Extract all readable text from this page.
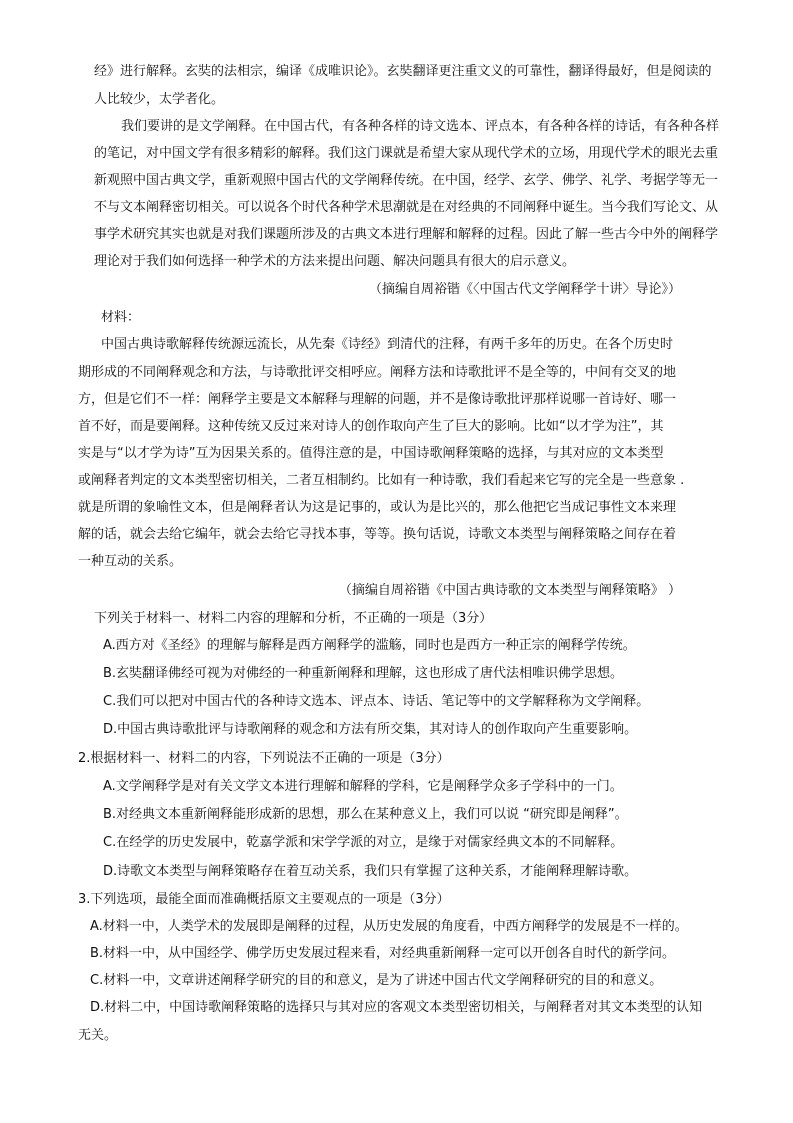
经》进行解释。玄奘的法相宗，编译《成唯识论》。玄奘翻译更注重文义的可靠性，翻译得最好，但是阅读的
人比较少，太学者化。
我们要讲的是文学阐释。在中国古代，有各种各样的诗文选本、评点本，有各种各样的诗话，有各种各样
的笔记，对中国文学有很多精彩的解释。我们这门课就是希望大家从现代学术的立场，用现代学术的眼光去重
新观照中国古典文学，重新观照中国古代的文学阐释传统。在中国，经学、玄学、佛学、礼学、考据学等无一
不与文本阐释密切相关。可以说各个时代各种学术思潮就是在对经典的不同阐释中诞生。当今我们写论文、从
事学术研究其实也就是对我们课题所涉及的古典文本进行理解和解释的过程。因此了解一些古今中外的阐释学
理论对于我们如何选择一种学术的方法来提出问题、解决问题具有很大的启示意义。
（摘编自周裕锴《〈中国古代文学阐释学十讲〉导论》）
材料：
中国古典诗歌解释传统源远流长，从先秦《诗经》到清代的注释，有两千多年的历史。在各个历史时
期形成的不同阐释观念和方法，与诗歌批评交相呼应。阐释方法和诗歌批评不是全等的，中间有交叉的地
方，但是它们不一样：阐释学主要是文本解释与理解的问题，并不是像诗歌批评那样说哪一首诗好、哪一
首不好，而是要阐释。这种传统又反过来对诗人的创作取向产生了巨大的影响。比如“以才学为注”，其
实是与“以才学为诗”互为因果关系的。值得注意的是，中国诗歌阐释策略的选择，与其对应的文本类型
或阐释者判定的文本类型密切相关，二者互相制约。比如有一种诗歌，我们看起来它写的完全是一些意象 .
就是所谓的象喻性文本，但是阐释者认为这是记事的，或认为是比兴的，那么他把它当成记事性文本来理
解的话，就会去给它编年，就会去给它寻找本事，等等。换句话说，诗歌文本类型与阐释策略之间存在着
一种互动的关系。
（摘编自周裕锴《中国古典诗歌的文本类型与阐释策略》 ）
下列关于材料一、材料二内容的理解和分析，不正确的一项是（3分）
A.西方对《圣经》的理解与解释是西方阐释学的滥觞，同时也是西方一种正宗的阐释学传统。
B.玄奘翻译佛经可视为对佛经的一种重新阐释和理解，这也形成了唐代法相唯识佛学思想。
C.我们可以把对中国古代的各种诗文选本、评点本、诗话、笔记等中的文学解释称为文学阐释。
D.中国古典诗歌批评与诗歌阐释的观念和方法有所交集，其对诗人的创作取向产生重要影响。
2.根据材料一、材料二的内容，下列说法不正确的一项是（3分）
A.文学阐释学是对有关文学文本进行理解和解释的学科，它是阐释学众多子学科中的一门。
B.对经典文本重新阐释能形成新的思想，那么在某种意义上，我们可以说 “研究即是阐释”。
C.在经学的历史发展中，乾嘉学派和宋学学派的对立，是缘于对儒家经典文本的不同解释。
D.诗歌文本类型与阐释策略存在着互动关系，我们只有掌握了这种关系，才能阐释理解诗歌。
3.下列选项，最能全面而准确概括原文主要观点的一项是（3分）
A.材料一中，人类学术的发展即是阐释的过程，从历史发展的角度看，中西方阐释学的发展是不一样的。
B.材料一中，从中国经学、佛学历史发展过程来看，对经典重新阐释一定可以开创各自时代的新学问。
C.材料一中，文章讲述阐释学研究的目的和意义，是为了讲述中国古代文学阐释研究的目的和意义。
D.材料二中，中国诗歌阐释策略的选择只与其对应的客观文本类型密切相关，与阐释者对其文本类型的认知
无关。
